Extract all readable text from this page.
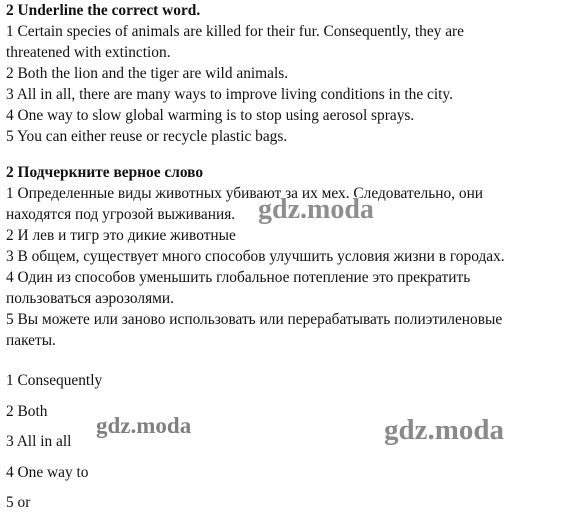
2 Underline the correct word.
1 Certain species of animals are killed for their fur. Consequently, they are
threatened with extinction.
2 Both the lion and the tiger are wild animals.
3 All in all, there are many ways to improve living conditions in the city.
4 One way to slow global warming is to stop using aerosol sprays.
5 You can either reuse or recycle plastic bags.
2 Подчеркните верное слово
1 Определенные виды животных убивают за их мех. Следовательно, они
находятся под угрозой выживания.
2 И лев и тигр это дикие животные
3 В общем, существует много способов улучшить условия жизни в городах.
4 Один из способов уменьшить глобальное потепление это прекратить
пользоваться аэрозолями.
5 Вы можете или заново использовать или перерабатывать полиэтиленовые
пакеты.
1 Consequently
2 Both
3 All in all
4 One way to
5 or
gdz.moda
gdz.moda	gdz.moda
